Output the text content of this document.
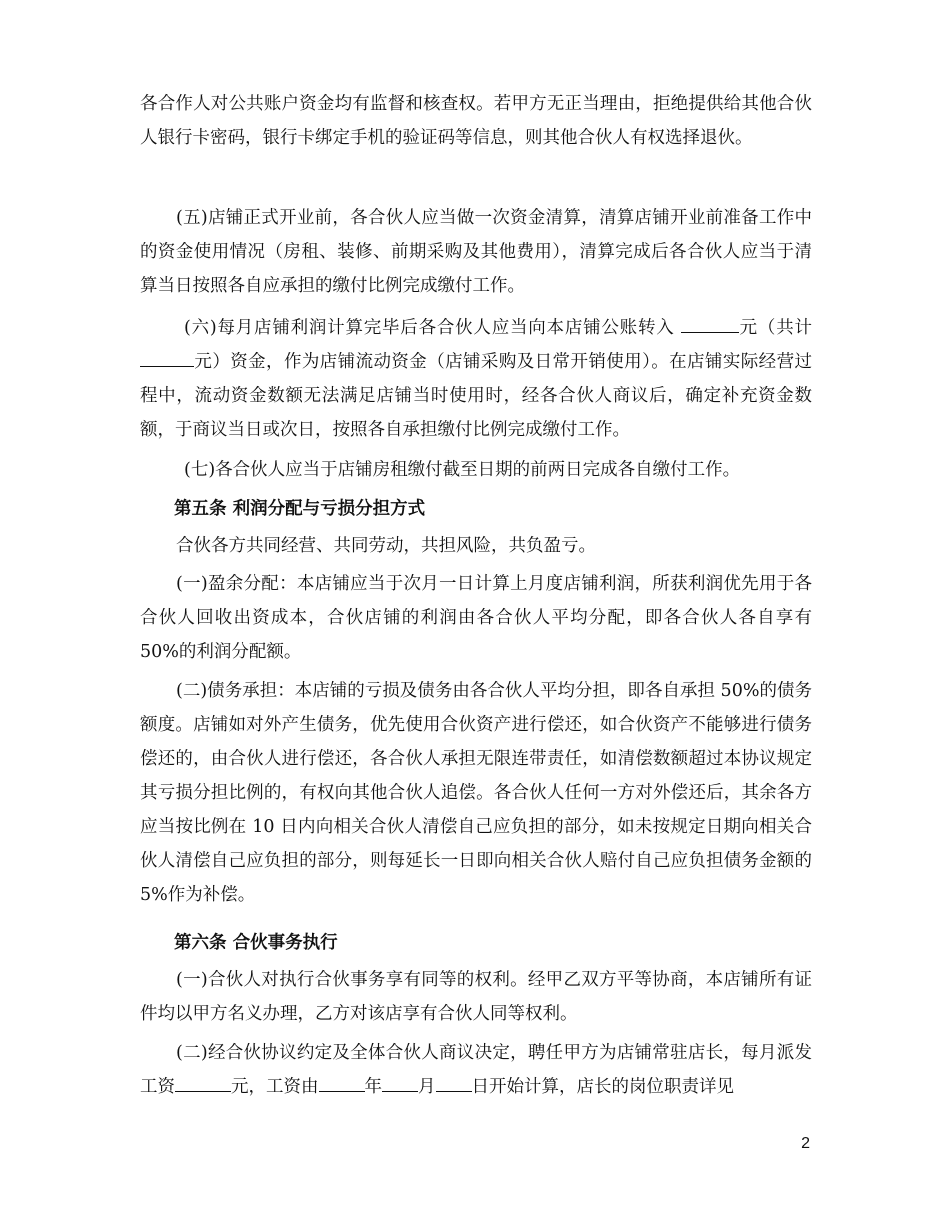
各合作人对公共账户资金均有监督和核查权。若甲方无正当理由，拒绝提供给其他合伙人银行卡密码，银行卡绑定手机的验证码等信息，则其他合伙人有权选择退伙。

(五)店铺正式开业前，各合伙人应当做一次资金清算，清算店铺开业前准备工作中的资金使用情况（房租、装修、前期采购及其他费用），清算完成后各合伙人应当于清算当日按照各自应承担的缴付比例完成缴付工作。

(六)每月店铺利润计算完毕后各合伙人应当向本店铺公账转入	元（共计元）资金，作为店铺流动资金（店铺采购及日常开销使用）。在店铺实际经营过程中，流动资金数额无法满足店铺当时使用时，经各合伙人商议后，确定补充资金数额，于商议当日或次日，按照各自承担缴付比例完成缴付工作。

(七)各合伙人应当于店铺房租缴付截至日期的前两日完成各自缴付工作。

第五条 利润分配与亏损分担方式

合伙各方共同经营、共同劳动，共担风险，共负盈亏。

(一)盈余分配：本店铺应当于次月一日计算上月度店铺利润，所获利润优先用于各合伙人回收出资成本，合伙店铺的利润由各合伙人平均分配，即各合伙人各自享有 50%的利润分配额。

(二)债务承担：本店铺的亏损及债务由各合伙人平均分担，即各自承担 50%的债务额度。店铺如对外产生债务，优先使用合伙资产进行偿还，如合伙资产不能够进行债务偿还的，由合伙人进行偿还，各合伙人承担无限连带责任，如清偿数额超过本协议规定其亏损分担比例的，有权向其他合伙人追偿。各合伙人任何一方对外偿还后，其余各方应当按比例在 10 日内向相关合伙人清偿自己应负担的部分，如未按规定日期向相关合伙人清偿自己应负担的部分，则每延长一日即向相关合伙人赔付自己应负担债务金额的 5%作为补偿。

第六条 合伙事务执行

(一)合伙人对执行合伙事务享有同等的权利。经甲乙双方平等协商，本店铺所有证件均以甲方名义办理，乙方对该店享有合伙人同等权利。

(二)经合伙协议约定及全体合伙人商议决定，聘任甲方为店铺常驻店长，每月派发工资	元，工资由	年 月 日开始计算，店长的岗位职责详见

2
